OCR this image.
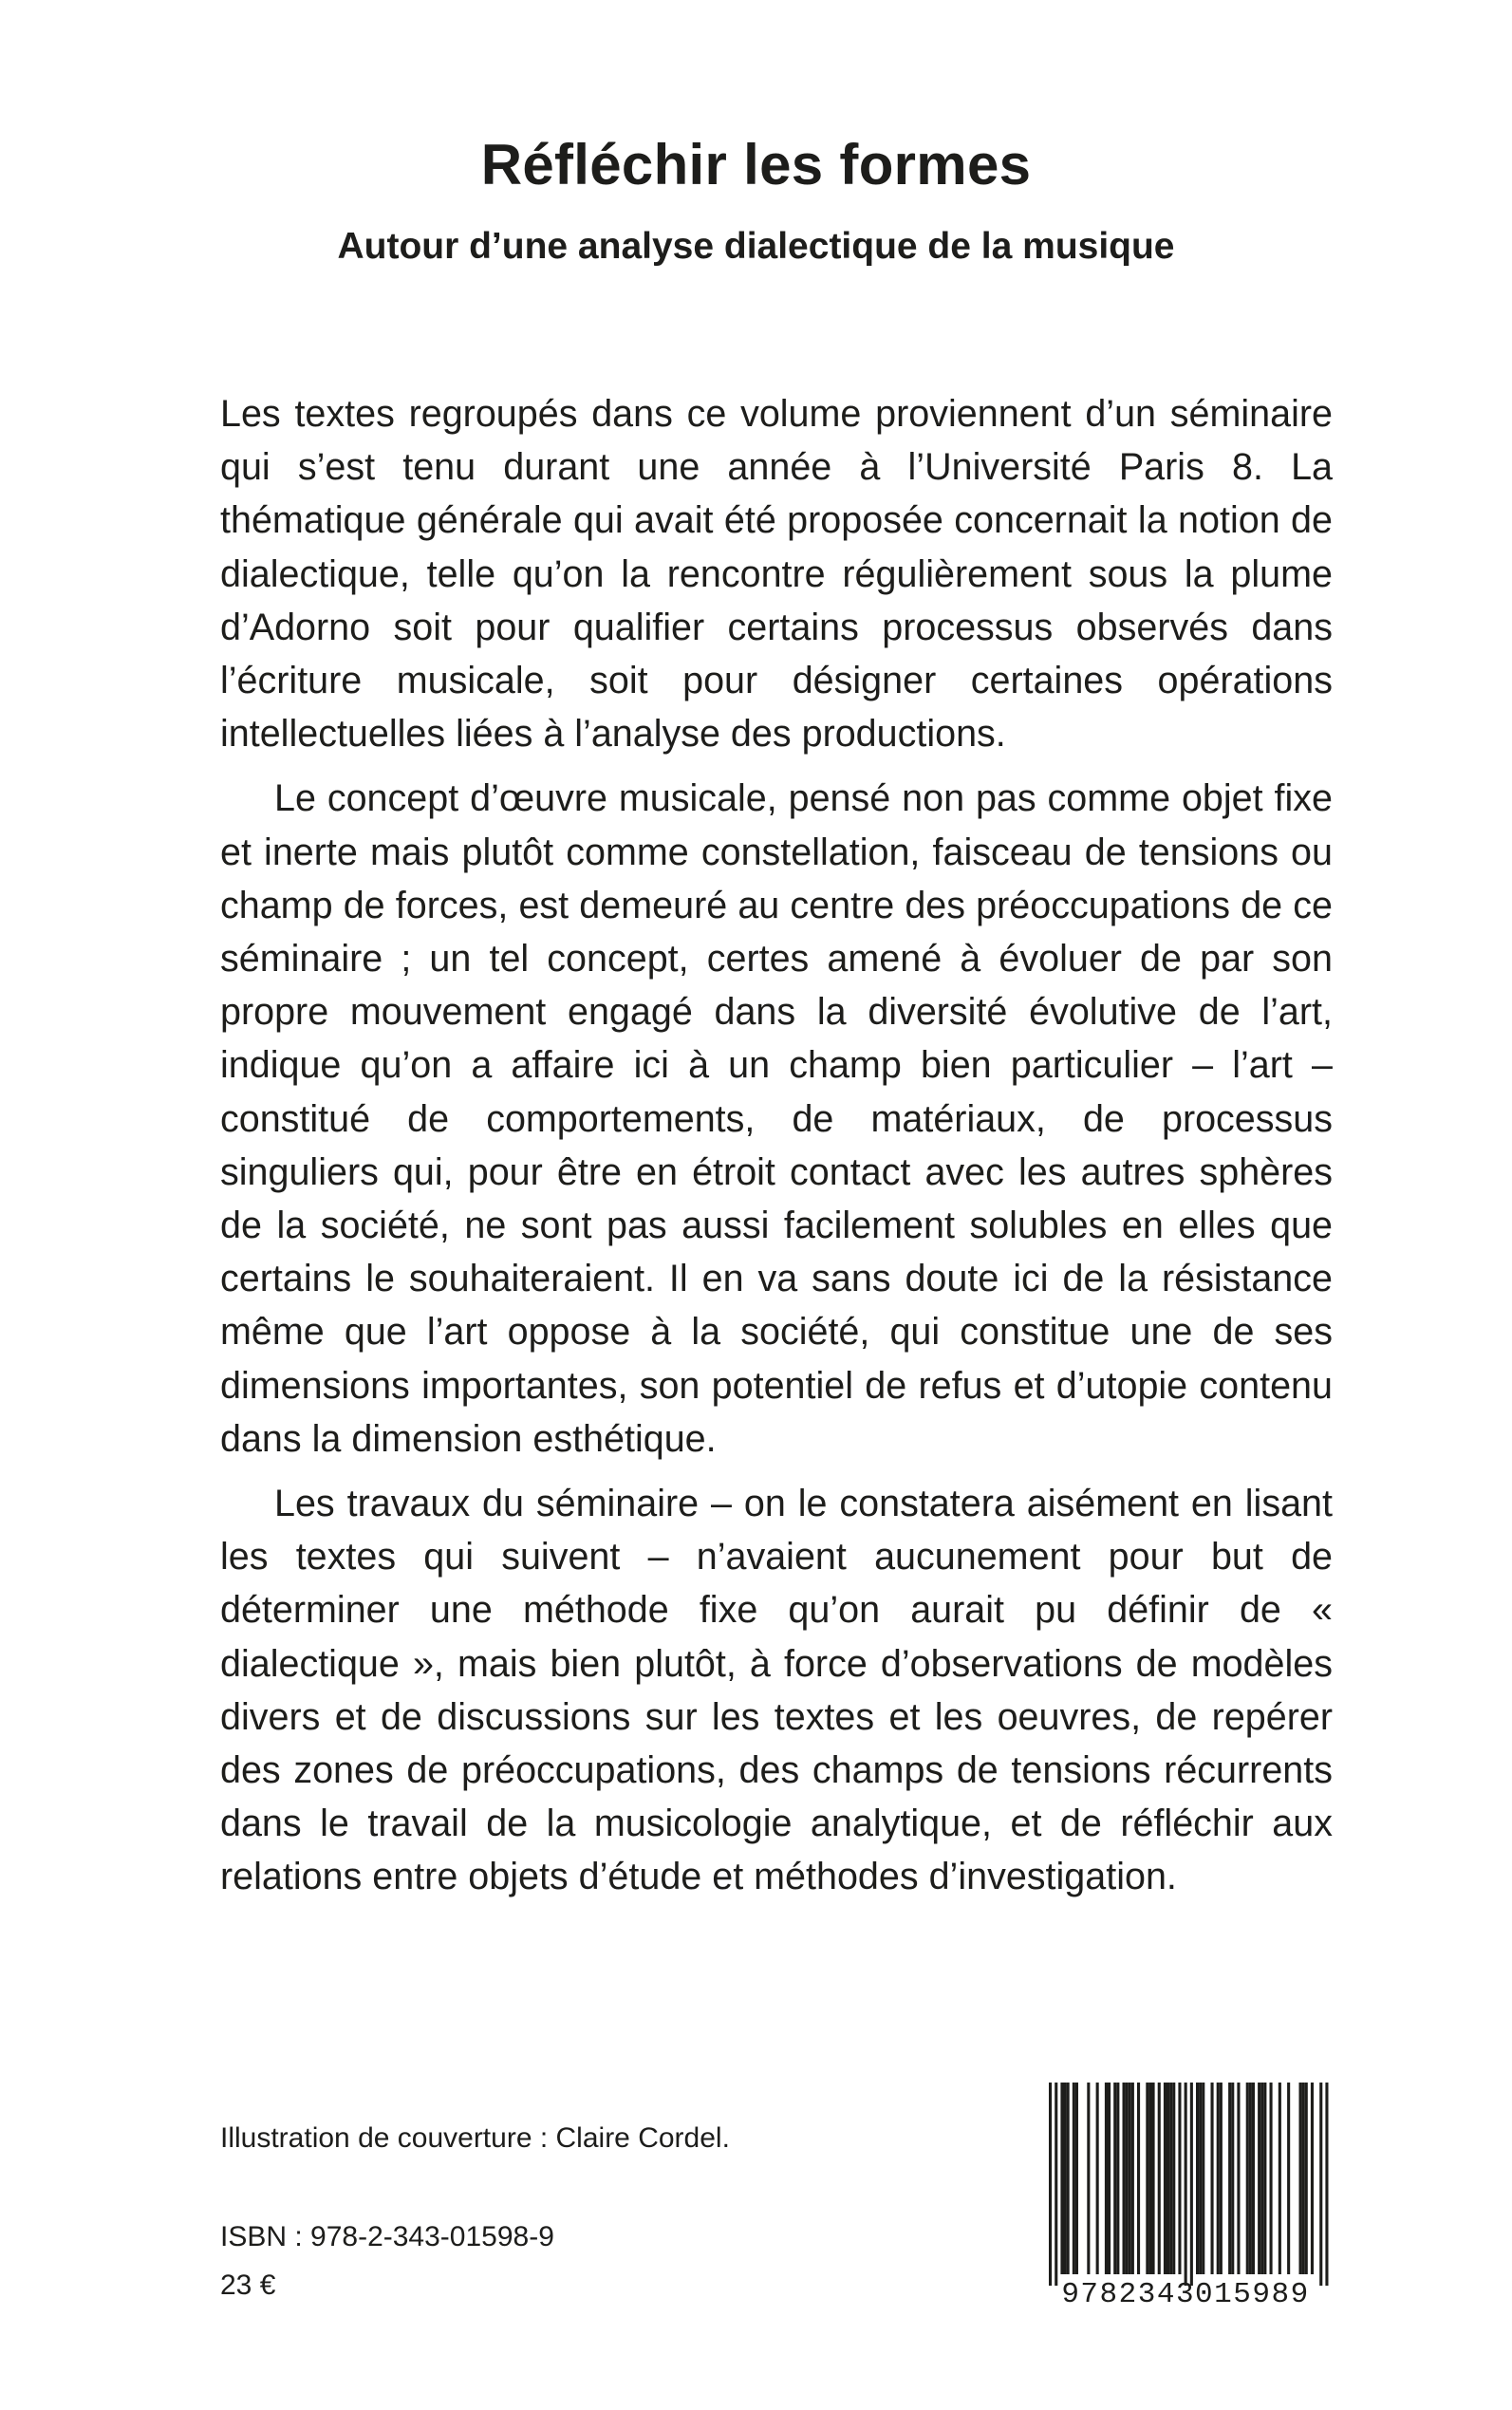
Réfléchir les formes
Autour d’une analyse dialectique de la musique

Les textes regroupés dans ce volume proviennent d’un séminaire qui s’est tenu durant une année à l’Université Paris 8. La thématique générale qui avait été proposée concernait la notion de dialectique, telle qu’on la rencontre régulièrement sous la plume d’Adorno soit pour qualifier certains processus observés dans l’écriture musicale, soit pour désigner certaines opérations intellectuelles liées à l’analyse des productions.

Le concept d’œuvre musicale, pensé non pas comme objet fixe et inerte mais plutôt comme constellation, faisceau de tensions ou champ de forces, est demeuré au centre des préoccupations de ce séminaire ; un tel concept, certes amené à évoluer de par son propre mouvement engagé dans la diversité évolutive de l’art, indique qu’on a affaire ici à un champ bien particulier – l’art – constitué de comportements, de matériaux, de processus singuliers qui, pour être en étroit contact avec les autres sphères de la société, ne sont pas aussi facilement solubles en elles que certains le souhaiteraient. Il en va sans doute ici de la résistance même que l’art oppose à la société, qui constitue une de ses dimensions importantes, son potentiel de refus et d’utopie contenu dans la dimension esthétique.

Les travaux du séminaire – on le constatera aisément en lisant les textes qui suivent – n’avaient aucunement pour but de déterminer une méthode fixe qu’on aurait pu définir de « dialectique », mais bien plutôt, à force d’observations de modèles divers et de discussions sur les textes et les oeuvres, de repérer des zones de préoccupations, des champs de tensions récurrents dans le travail de la musicologie analytique, et de réfléchir aux relations entre objets d’étude et méthodes d’investigation.

Illustration de couverture : Claire Cordel.

ISBN : 978-2-343-01598-9

23 €	9782343015989
